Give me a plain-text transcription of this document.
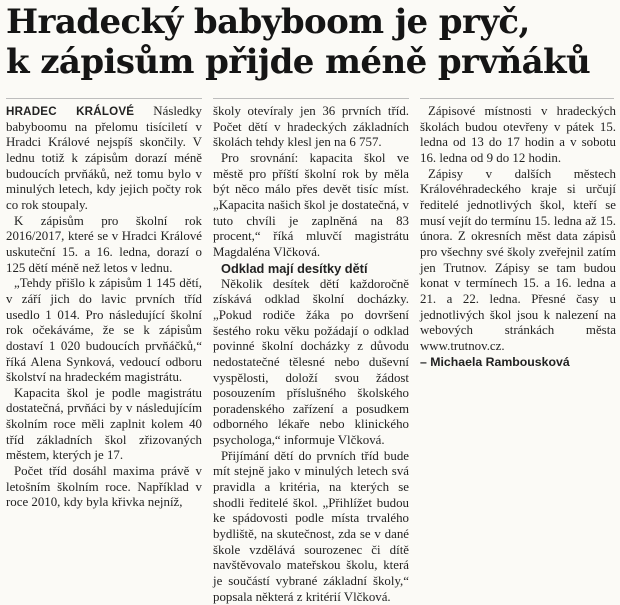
Hradecký babyboom je pryč,
k zápisům přijde méně prvňáků

HRADEC KRÁLOVÉ Následky babyboomu na přelomu tisíciletí v Hradci Králové nejspíš skončily. V lednu totiž k zápisům dorazí méně budoucích prvňáků, než tomu bylo v minulých letech, kdy jejich počty rok co rok stoupaly.

K zápisům pro školní rok 2016/2017, které se v Hradci Králové uskuteční 15. a 16. ledna, dorazí o 125 dětí méně než letos v lednu.

„Tehdy přišlo k zápisům 1 145 dětí, v září jich do lavic prvních tříd usedlo 1 014. Pro následující školní rok očekáváme, že se k zápisům dostaví 1 020 budoucích prvňáčků,“ říká Alena Synková, vedoucí odboru školství na hradeckém magistrátu.

Kapacita škol je podle magistrátu dostatečná, prvňáci by v následujícím školním roce měli zaplnit kolem 40 tříd základních škol zřizovaných městem, kterých je 17.

Počet tříd dosáhl maxima právě v letošním školním roce. Například v roce 2010, kdy byla křivka nejníž,

školy otevíraly jen 36 prvních tříd. Počet dětí v hradeckých základních školách tehdy klesl jen na 6 757.

Pro srovnání: kapacita škol ve městě pro příští školní rok by měla být něco málo přes devět tisíc míst. „Kapacita našich škol je dostatečná, v tuto chvíli je zaplněná na 83 procent,“ říká mluvčí magistrátu Magdaléna Vlčková.

Odklad mají desítky dětí

Několik desítek dětí každoročně získává odklad školní docházky. „Pokud rodiče žáka po dovršení šestého roku věku požádají o odklad povinné školní docházky z důvodu nedostatečné tělesné nebo duševní vyspělosti, doloží svou žádost posouzením příslušného školského poradenského zařízení a posudkem odborného lékaře nebo klinického psychologa,“ informuje Vlčková.

Přijímání dětí do prvních tříd bude mít stejně jako v minulých letech svá pravidla a kritéria, na kterých se shodli ředitelé škol. „Přihlížet budou ke spádovosti podle místa trvalého bydliště, na skutečnost, zda se v dané škole vzdělává sourozenec či dítě navštěvovalo mateřskou školu, která je součástí vybrané základní školy,“ popsala některá z kritérií Vlčková.

Zápisové místnosti v hradeckých školách budou otevřeny v pátek 15. ledna od 13 do 17 hodin a v sobotu 16. ledna od 9 do 12 hodin.

Zápisy v dalších městech Královéhradeckého kraje si určují ředitelé jednotlivých škol, kteří se musí vejít do termínu 15. ledna až 15. února. Z okresních měst data zápisů pro všechny své školy zveřejnil zatím jen Trutnov. Zápisy se tam budou konat v termínech 15. a 16. ledna a 21. a 22. ledna. Přesné časy u jednotlivých škol jsou k nalezení na webových stránkách města www.trutnov.cz.

– Michaela Rambousková
